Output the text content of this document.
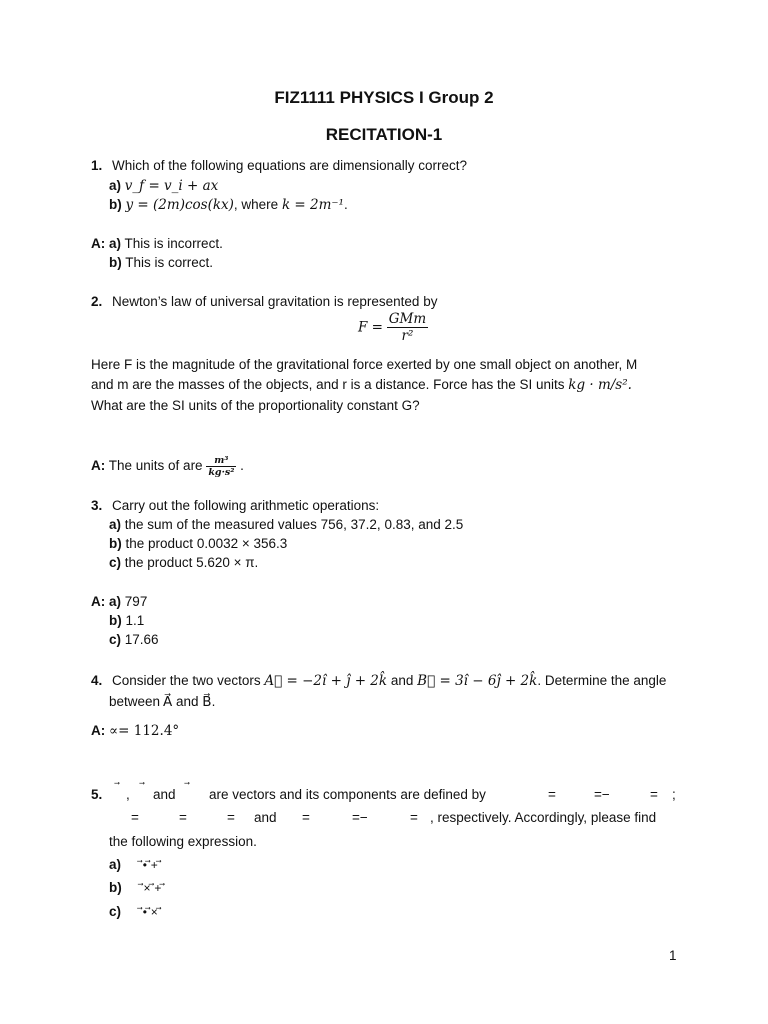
FIZ1111 PHYSICS I Group 2
RECITATION-1
1. Which of the following equations are dimensionally correct?
a) v_f = v_i + ax
b) y = (2m)cos(kx), where k = 2m⁻¹.
A: a) This is incorrect.
b) This is correct.
2. Newton’s law of universal gravitation is represented by
$F = \frac{\text{GMm}}{\text{r²}}$
Here F is the magnitude of the gravitational force exerted by one small object on another, M
and m are the masses of the objects, and r is a distance. Force has the SI units kg · m/s².
What are the SI units of the proportionality constant G?
A: The units of are $\frac{\text{m³}}{\text{kg·s²}}$ .
3. Carry out the following arithmetic operations:
a) the sum of the measured values 756, 37.2, 0.83, and 2.5
b) the product 0.0032 × 356.3
c) the product 5.620 × π.
A: a) 797
b) 1.1
c) 17.66
4. Consider the two vectors A⃗ = −2î + ĵ + 2k̂ and B⃗ = 3î − 6ĵ + 2k̂. Determine the angle
between A⃗ and B⃗.
A: ∝= 112.4°
5. , and are vectors and its components are defined by	=	=−	= ;
=	=	= and =	=−	= , respectively. Accordingly, please find
the following expression.
a) ⃗• ⃗+ ⃗
b) ⃗× ⃗+ ⃗
c) ⃗• ⃗× ⃗
1
